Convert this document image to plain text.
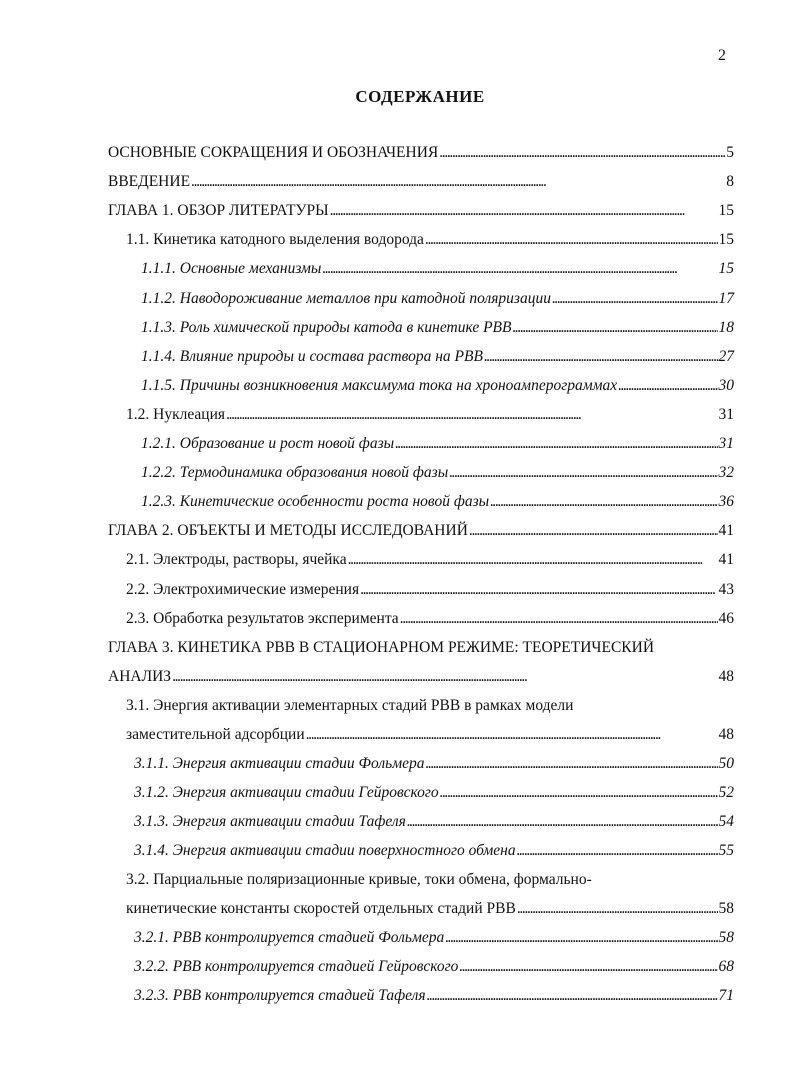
2
СОДЕРЖАНИЕ
ОСНОВНЫЕ СОКРАЩЕНИЯ И ОБОЗНАЧЕНИЯ . . .	5
ВВЕДЕНИЕ . . .	8
ГЛАВА 1. ОБЗОР ЛИТЕРАТУРЫ . . .	15
1.1. Кинетика катодного выделения водорода . . .	15
1.1.1. Основные механизмы . . .	15
1.1.2. Наводороживание металлов при катодной поляризации . . .	17
1.1.3. Роль химической природы катода в кинетике РВВ . . .	18
1.1.4. Влияние природы и состава раствора на РВВ . . .	27
1.1.5. Причины возникновения максимума тока на хроноамперограммах . . .	30
1.2. Нуклеация . . .	31
1.2.1. Образование и рост новой фазы . . .	31
1.2.2. Термодинамика образования новой фазы . . .	32
1.2.3. Кинетические особенности роста новой фазы . . .	36
ГЛАВА 2. ОБЪЕКТЫ И МЕТОДЫ ИССЛЕДОВАНИЙ . . .	41
2.1. Электроды, растворы, ячейка . . .	41
2.2. Электрохимические измерения . . .	43
2.3. Обработка результатов эксперимента . . .	46
ГЛАВА 3. КИНЕТИКА РВВ В СТАЦИОНАРНОМ РЕЖИМЕ: ТЕОРЕТИЧЕСКИЙ
АНАЛИЗ . . .	48
3.1. Энергия активации элементарных стадий РВВ в рамках модели
заместительной адсорбции . . .	48
3.1.1. Энергия активации стадии Фольмера . . .	50
3.1.2. Энергия активации стадии Гейровского . . .	52
3.1.3. Энергия активации стадии Тафеля . . .	54
3.1.4. Энергия активации стадии поверхностного обмена . . .	55
3.2. Парциальные поляризационные кривые, токи обмена, формально-
кинетические константы скоростей отдельных стадий РВВ . . .	58
3.2.1. РВВ контролируется стадией Фольмера . . .	58
3.2.2. РВВ контролируется стадией Гейровского . . .	68
3.2.3. РВВ контролируется стадией Тафеля . . .	71
